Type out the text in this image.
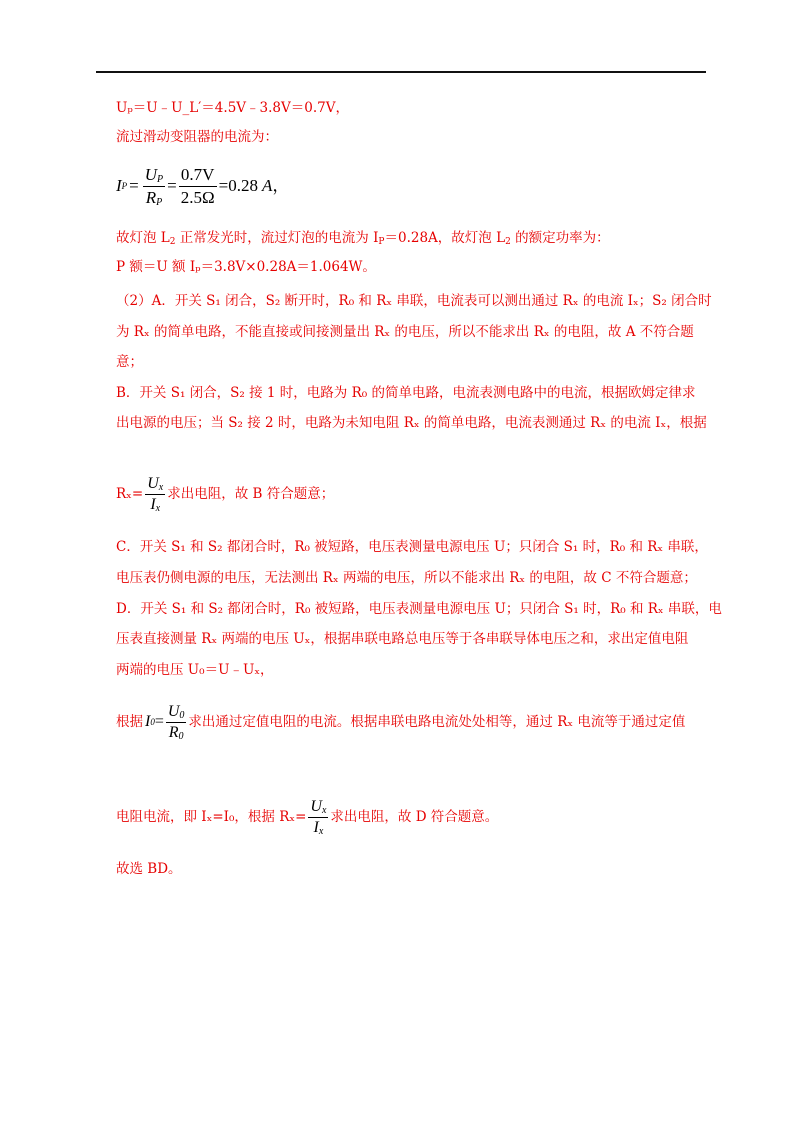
Uₚ＝U﹣U_L′＝4.5V﹣3.8V＝0.7V，
流过滑动变阻器的电流为：
I $P = \frac{U_P}{R_P} = \frac{0.7V}{2.5\Omega} =0.28$ A ，
故灯泡 $L_2$ 正常发光时，流过灯泡的电流为 $I_P=0.28A$，故灯泡 $L_2$ 的额定功率为：
P 额＝U 额 Iₚ＝3.8V×0.28A＝1.064W。
（2）A．开关 S₁ 闭合，S₂ 断开时，R₀ 和 Rₓ 串联，电流表可以测出通过 Rₓ 的电流 Iₓ；S₂ 闭合时
为 Rₓ 的简单电路，不能直接或间接测量出 Rₓ 的电压，所以不能求出 Rₓ 的电阻，故 A 不符合题
意；
B．开关 S₁ 闭合，S₂ 接 1 时，电路为 R₀ 的简单电路，电流表测电路中的电流，根据欧姆定律求
出电源的电压；当 S₂ 接 2 时，电路为未知电阻 Rₓ 的简单电路，电流表测通过 Rₓ 的电流 Iₓ，根据
$R_x= \frac{U_x}{I_x}$ 求出电阻，故 B 符合题意；
C．开关 S₁ 和 S₂ 都闭合时，R₀ 被短路，电压表测量电源电压 U；只闭合 S₁ 时，R₀ 和 Rₓ 串联，
电压表仍侧电源的电压，无法测出 Rₓ 两端的电压，所以不能求出 Rₓ 的电阻，故 C 不符合题意；
D．开关 S₁ 和 S₂ 都闭合时，R₀ 被短路，电压表测量电源电压 U；只闭合 S₁ 时，R₀ 和 Rₓ 串联，电
压表直接测量 Rₓ 两端的电压 Uₓ，根据串联电路总电压等于各串联导体电压之和，求出定值电阻
两端的电压 U₀＝U﹣Uₓ，
根据 I $0 = \frac{U_0}{R_0}$ 求出通过定值电阻的电流。根据串联电路电流处处相等，通过 Rₓ 电流等于通过定值
电阻电流，即 Iₓ=I₀，根据 $R_x= \frac{U_x}{I_x}$ 求出电阻，故 D 符合题意。
故选 BD。
